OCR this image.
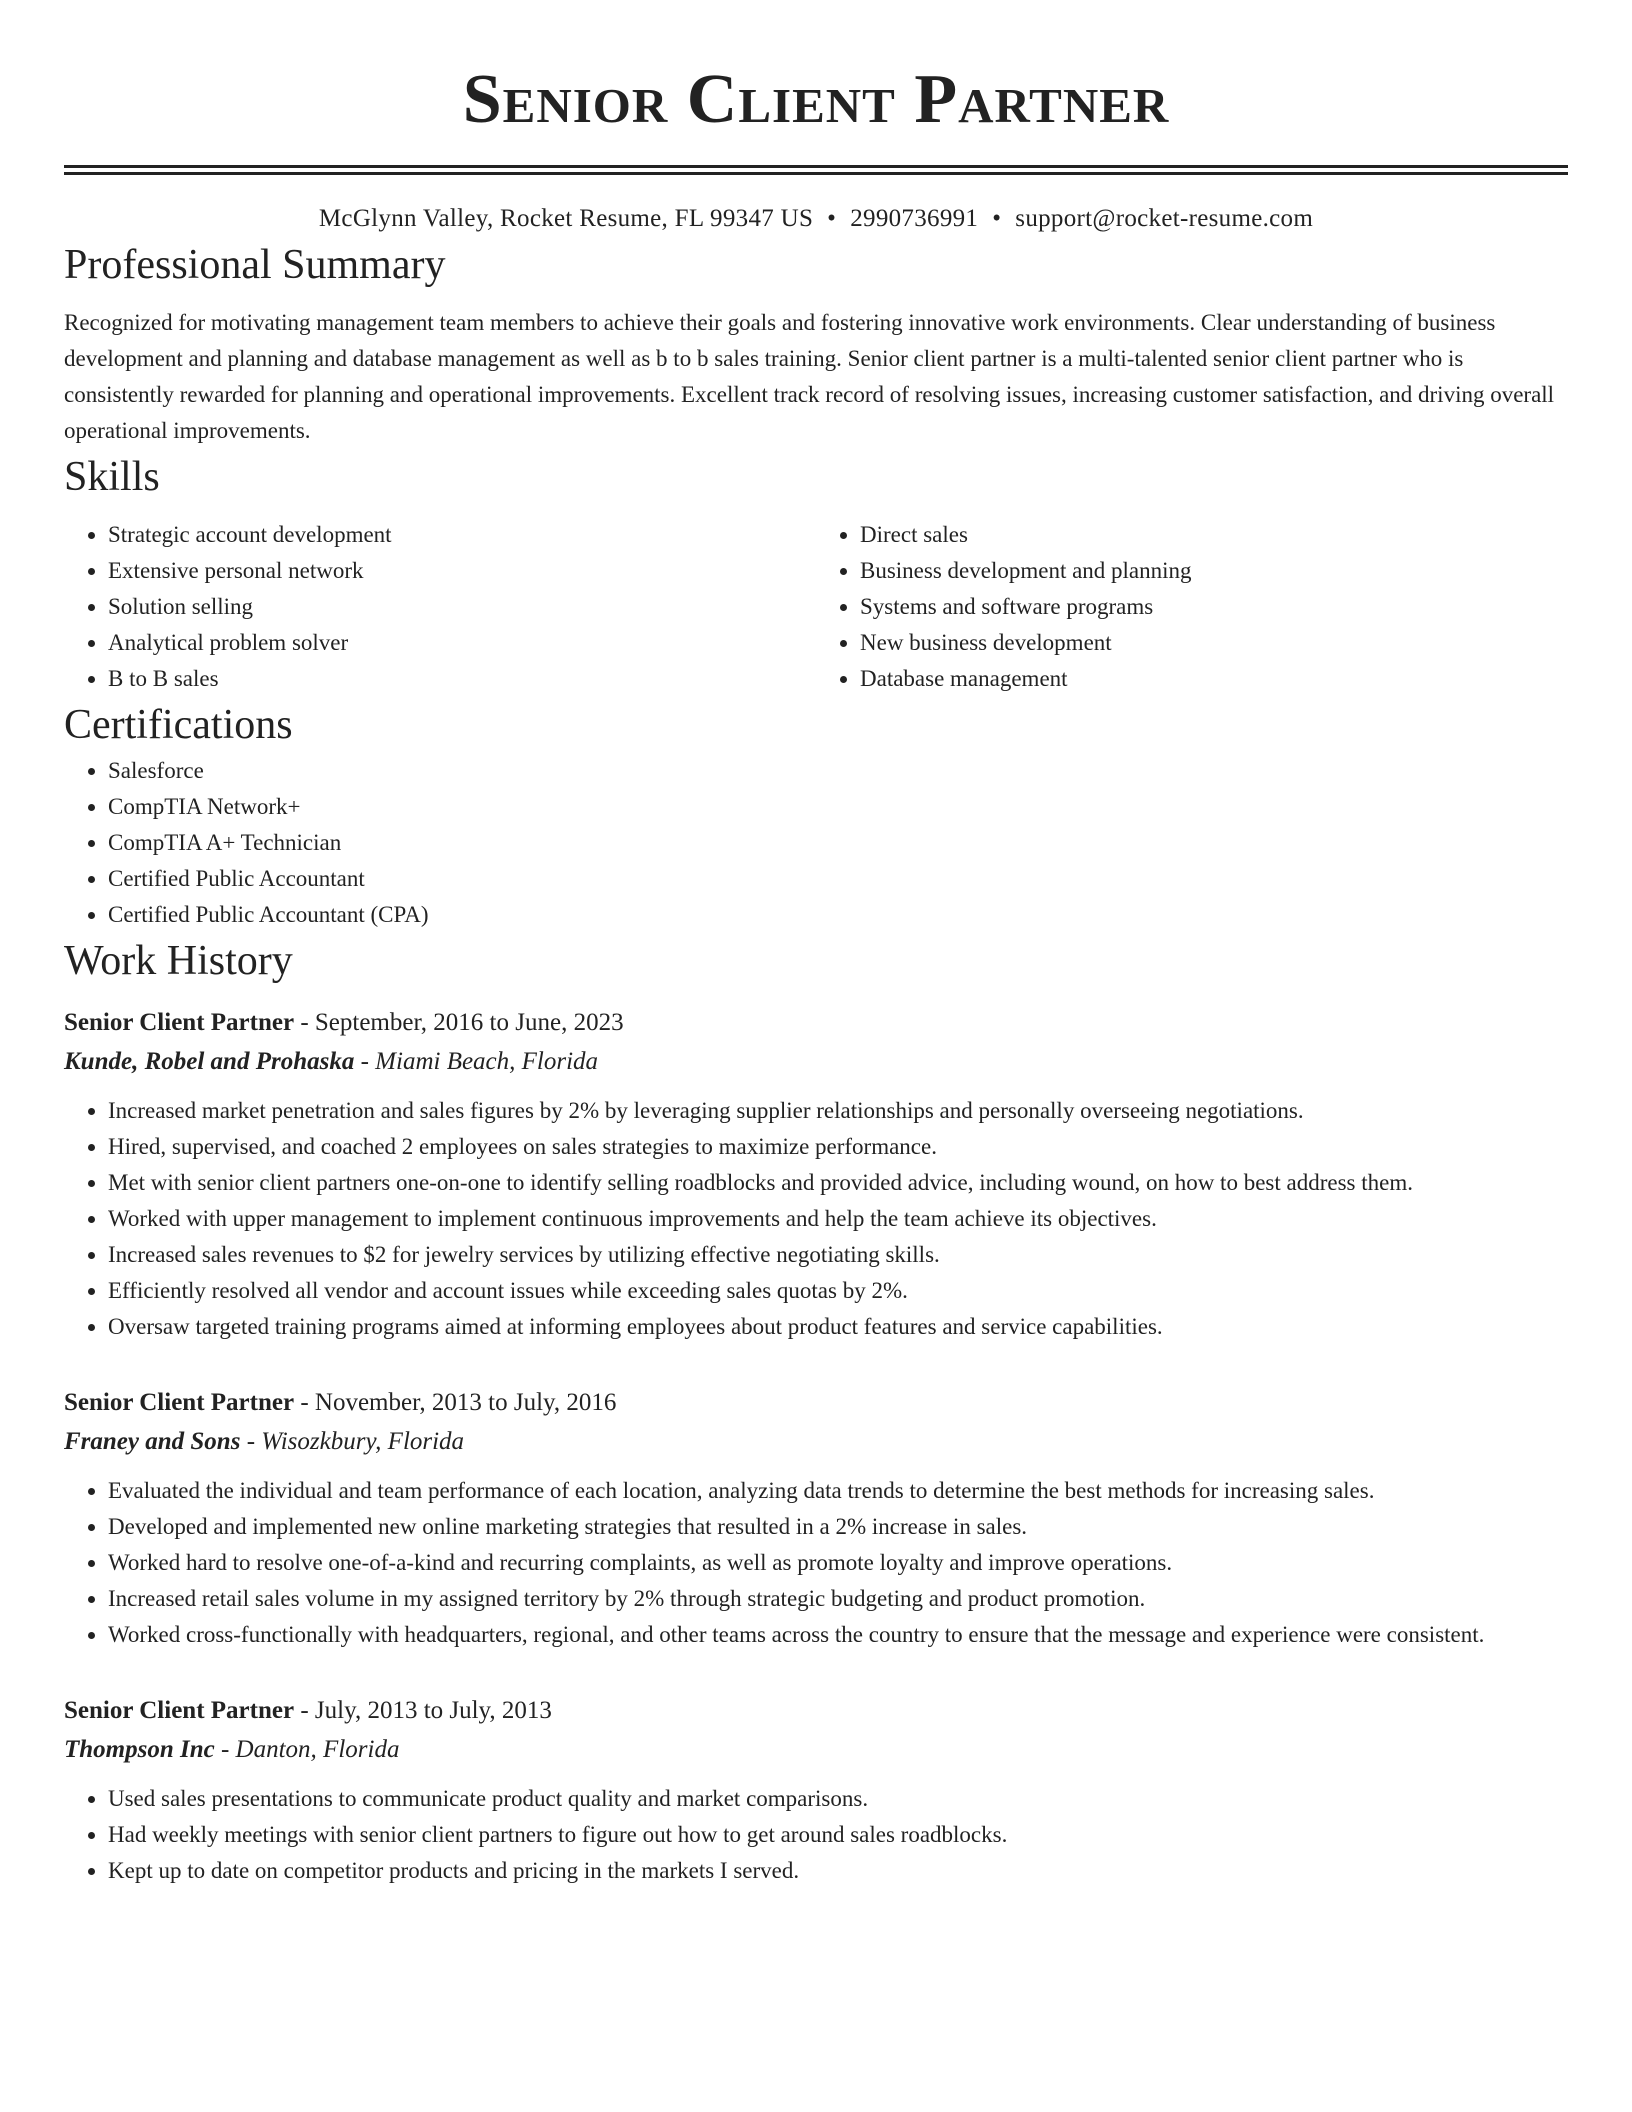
Senior Client Partner
McGlynn Valley, Rocket Resume, FL 99347 US • 2990736991 • support@rocket-resume.com
Professional Summary

Recognized for motivating management team members to achieve their goals and fostering innovative work environments. Clear understanding of business development and planning and database management as well as b to b sales training. Senior client partner is a multi-talented senior client partner who is consistently rewarded for planning and operational improvements. Excellent track record of resolving issues, increasing customer satisfaction, and driving overall operational improvements.

Skills
• Strategic account development
• Extensive personal network
• Solution selling
• Analytical problem solver
• B to B sales
• Direct sales
• Business development and planning
• Systems and software programs
• New business development
• Database management
Certifications
• Salesforce
• CompTIA Network+
• CompTIA A+ Technician
• Certified Public Accountant
• Certified Public Accountant (CPA)
Work History
Senior Client Partner - September, 2016 to June, 2023
Kunde, Robel and Prohaska - Miami Beach, Florida
• Increased market penetration and sales figures by 2% by leveraging supplier relationships and personally overseeing negotiations.
• Hired, supervised, and coached 2 employees on sales strategies to maximize performance.
• Met with senior client partners one-on-one to identify selling roadblocks and provided advice, including wound, on how to best address them.
• Worked with upper management to implement continuous improvements and help the team achieve its objectives.
• Increased sales revenues to $2 for jewelry services by utilizing effective negotiating skills.
• Efficiently resolved all vendor and account issues while exceeding sales quotas by 2%.
• Oversaw targeted training programs aimed at informing employees about product features and service capabilities.
Senior Client Partner - November, 2013 to July, 2016
Franey and Sons - Wisozkbury, Florida
• Evaluated the individual and team performance of each location, analyzing data trends to determine the best methods for increasing sales.
• Developed and implemented new online marketing strategies that resulted in a 2% increase in sales.
• Worked hard to resolve one-of-a-kind and recurring complaints, as well as promote loyalty and improve operations.
• Increased retail sales volume in my assigned territory by 2% through strategic budgeting and product promotion.
• Worked cross-functionally with headquarters, regional, and other teams across the country to ensure that the message and experience were consistent.
Senior Client Partner - July, 2013 to July, 2013
Thompson Inc - Danton, Florida
• Used sales presentations to communicate product quality and market comparisons.
• Had weekly meetings with senior client partners to figure out how to get around sales roadblocks.
• Kept up to date on competitor products and pricing in the markets I served.
